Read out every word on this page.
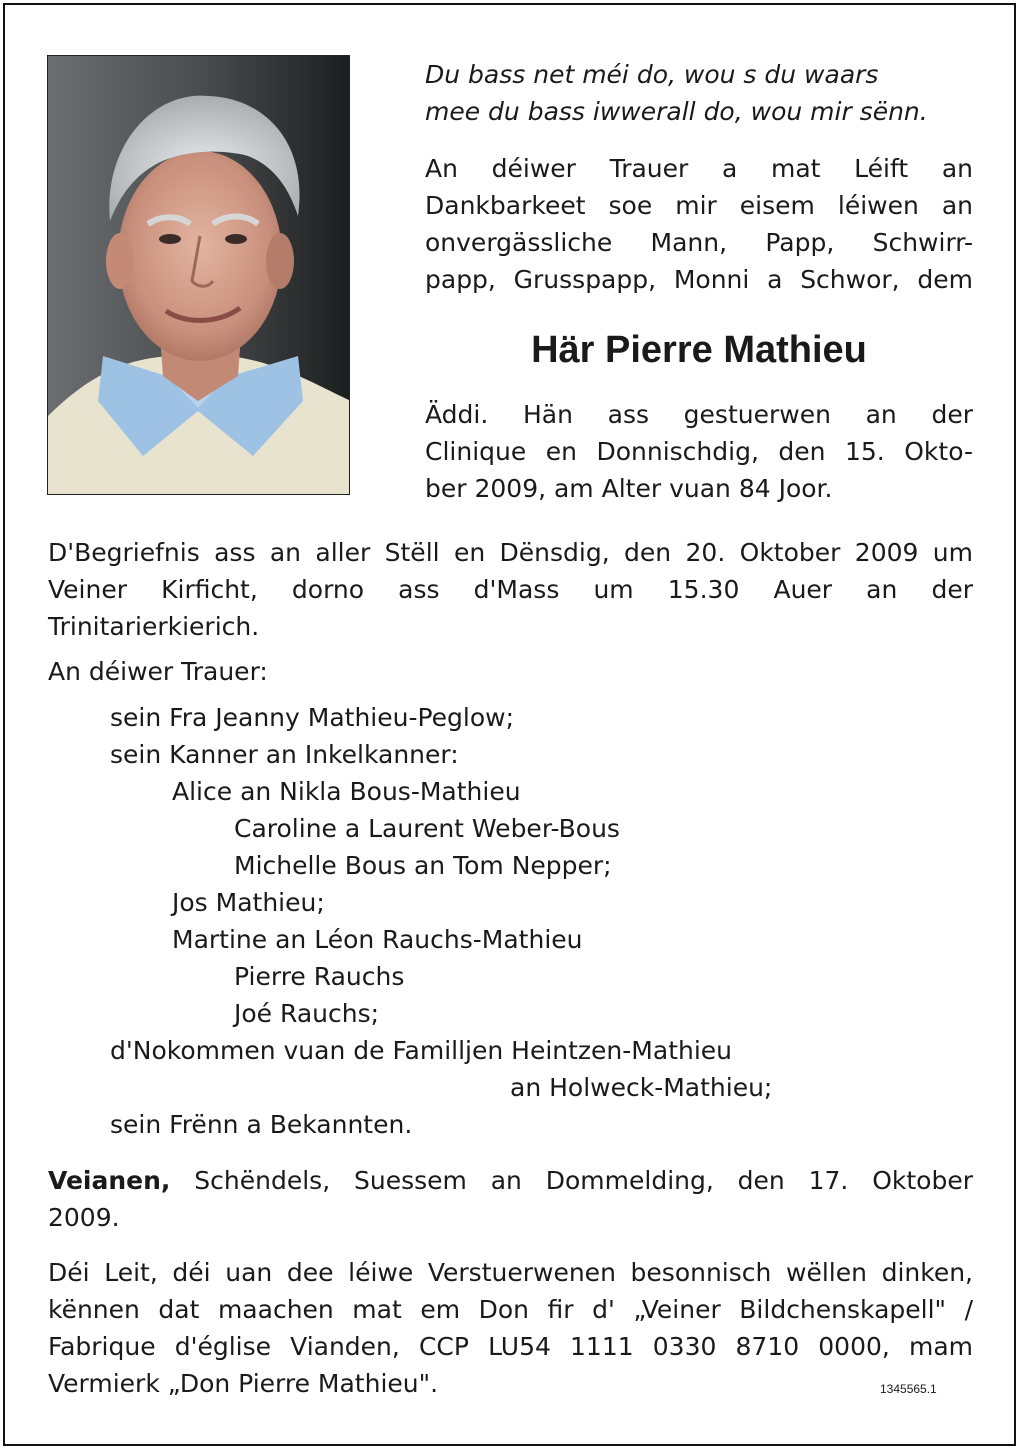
Du bass net méi do, wou s du waars

mee du bass iwwerall do, wou mir sënn.

An déiwer Trauer a mat Léift an

Dankbarkeet soe mir eisem léiwen an

onvergässliche Mann, Papp, Schwirr-

papp, Grusspapp, Monni a Schwor, dem

Här Pierre Mathieu

Äddi. Hän ass gestuerwen an der

Clinique en Donnischdig, den 15. Okto-

ber 2009, am Alter vuan 84 Joor.

D'Begriefnis ass an aller Stëll en Dënsdig, den 20. Oktober 2009 um

Veiner Kirficht, dorno ass d'Mass um 15.30 Auer an der

Trinitarierkierich.

An déiwer Trauer:

sein Fra Jeanny Mathieu-Peglow;

sein Kanner an Inkelkanner:

Alice an Nikla Bous-Mathieu

Caroline a Laurent Weber-Bous

Michelle Bous an Tom Nepper;

Jos Mathieu;

Martine an Léon Rauchs-Mathieu

Pierre Rauchs

Joé Rauchs;

d'Nokommen vuan de Familljen Heintzen-Mathieu

an Holweck-Mathieu;

sein Frënn a Bekannten.

Veianen, Schëndels, Suessem an Dommelding, den 17. Oktober

2009.

Déi Leit, déi uan dee léiwe Verstuerwenen besonnisch wëllen dinken,

kënnen dat maachen mat em Don fir d' „Veiner Bildchenskapell" /

Fabrique d'église Vianden, CCP LU54 1111 0330 8710 0000, mam

Vermierk „Don Pierre Mathieu".	1345565.1
